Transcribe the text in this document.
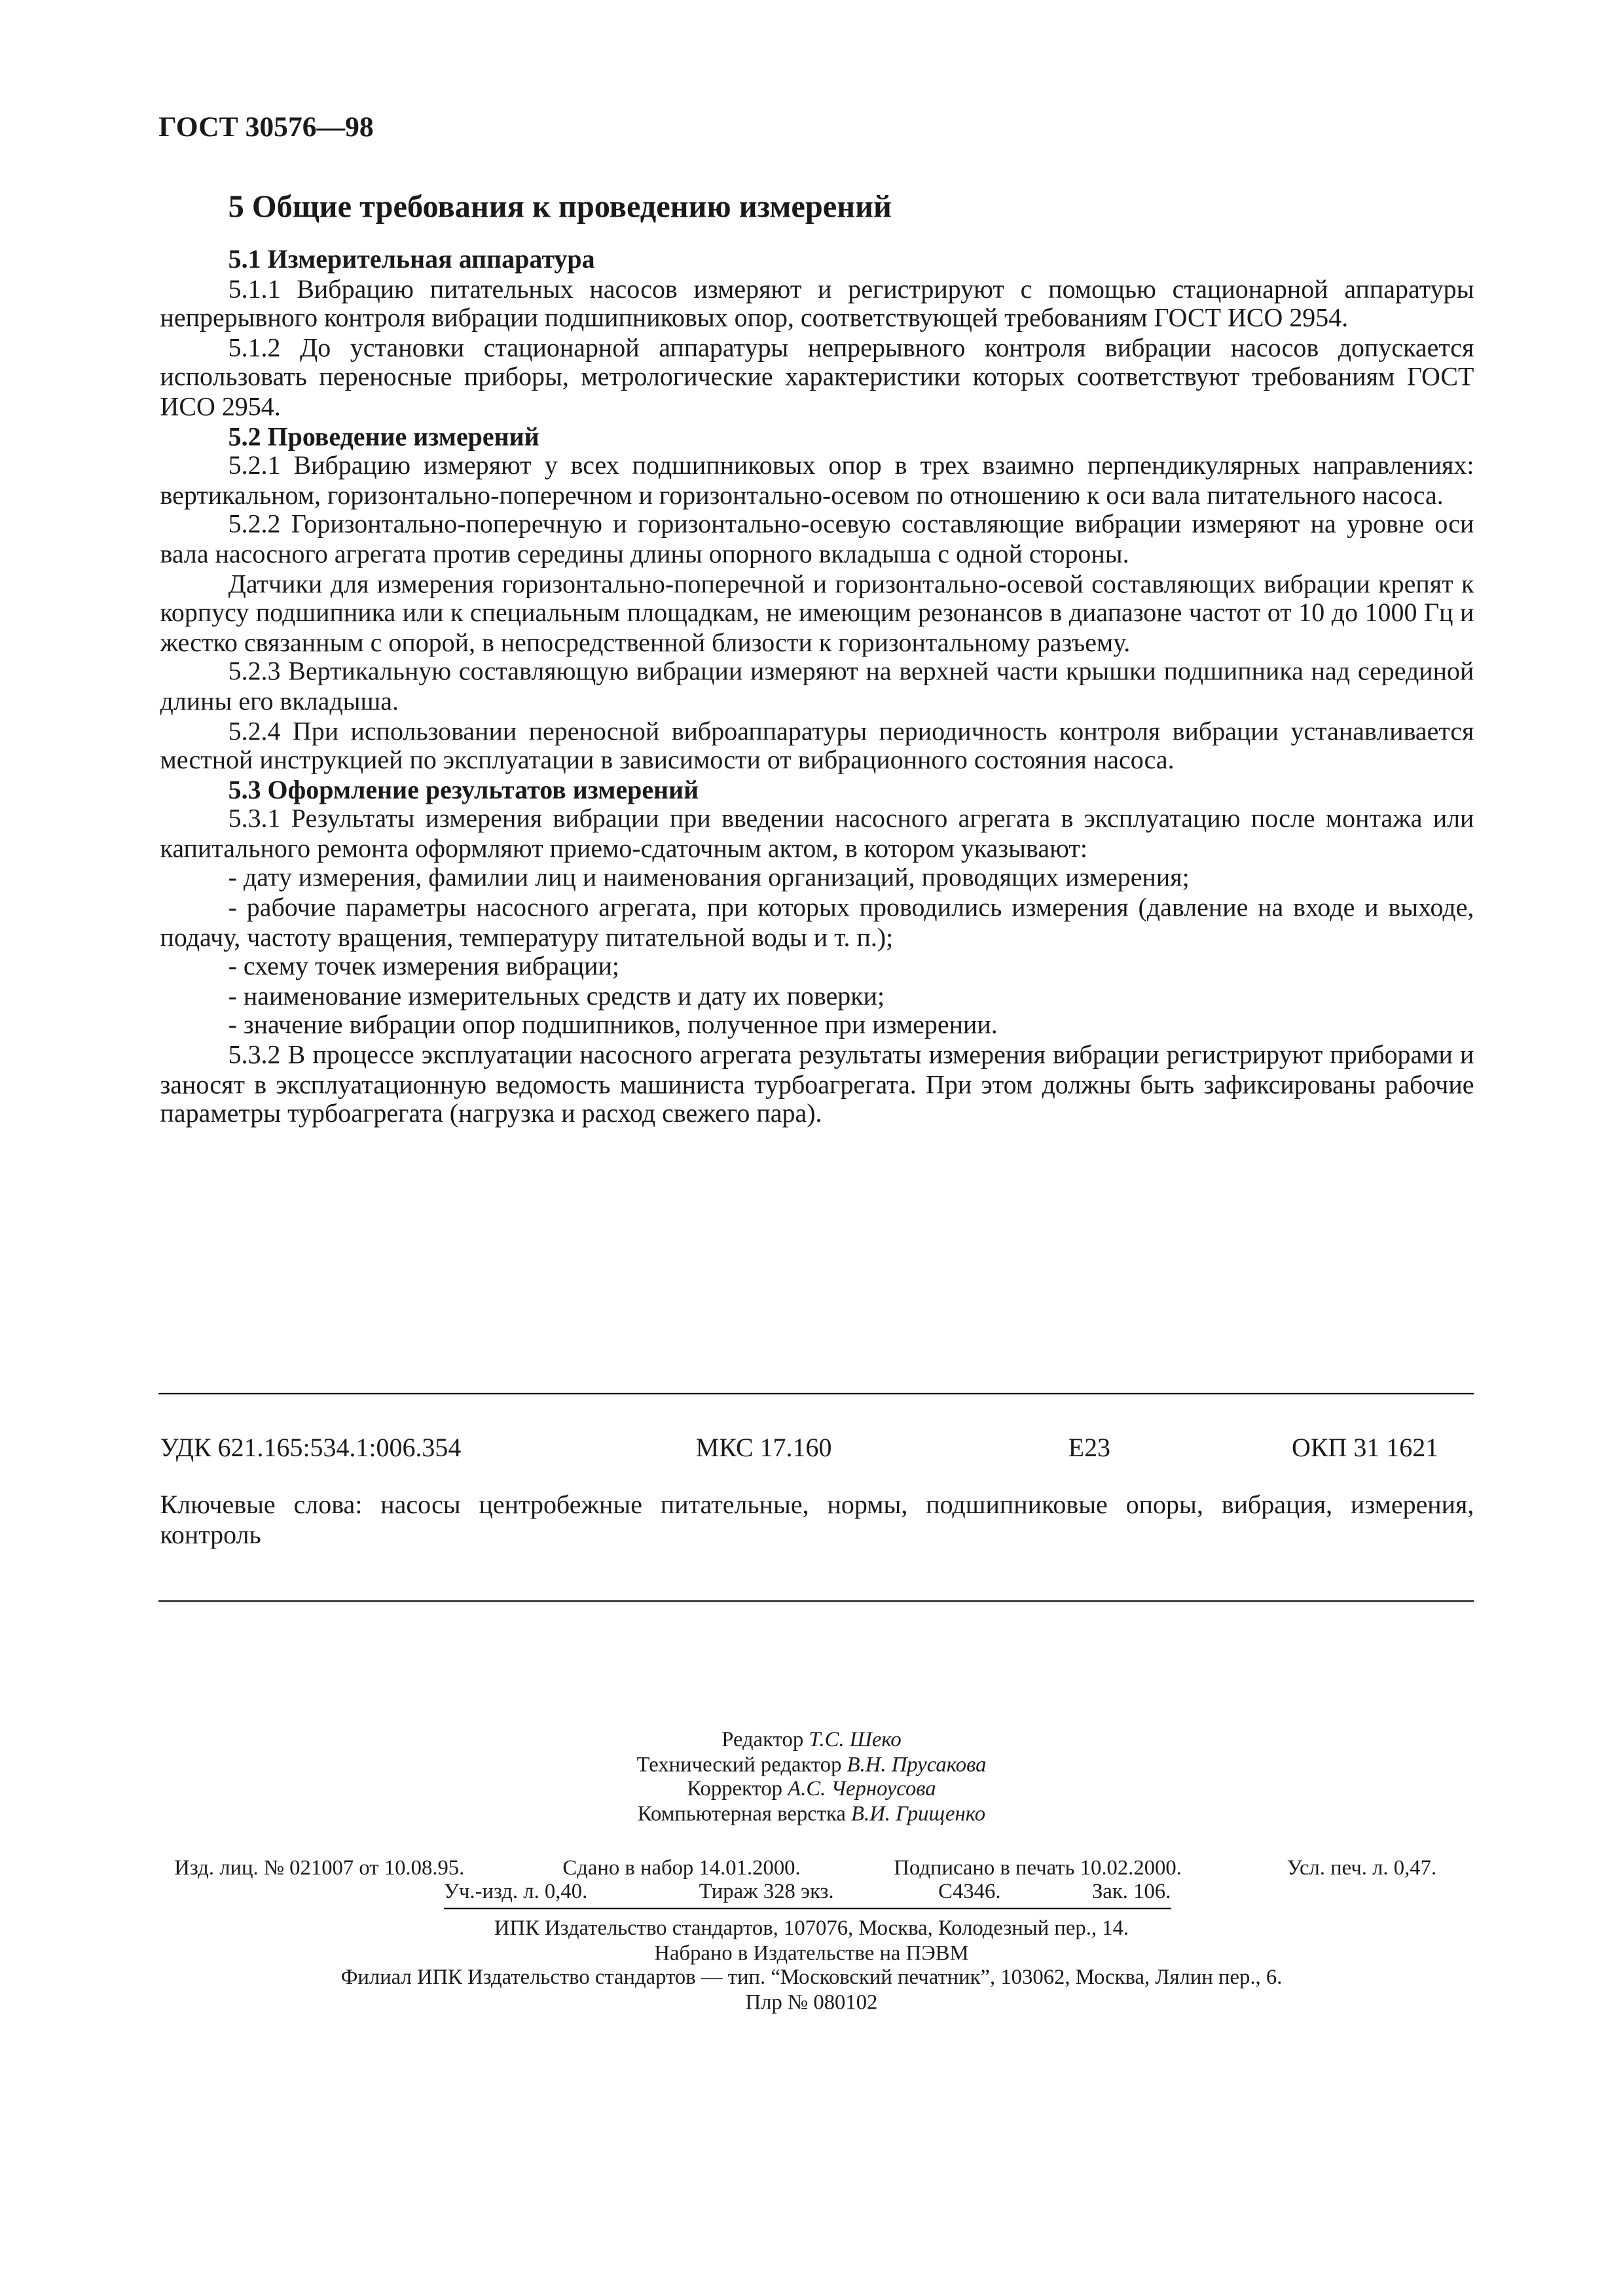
ГОСТ 30576—98
5 Общие требования к проведению измерений

5.1 Измерительная аппаратура

5.1.1 Вибрацию питательных насосов измеряют и регистрируют с помощью стационарной аппаратуры непрерывного контроля вибрации подшипниковых опор, соответствующей требованиям ГОСТ ИСО 2954.

5.1.2 До установки стационарной аппаратуры непрерывного контроля вибрации насосов допускается использовать переносные приборы, метрологические характеристики которых соответствуют требованиям ГОСТ ИСО 2954.

5.2 Проведение измерений

5.2.1 Вибрацию измеряют у всех подшипниковых опор в трех взаимно перпендикулярных направлениях: вертикальном, горизонтально-поперечном и горизонтально-осевом по отношению к оси вала питательного насоса.

5.2.2 Горизонтально-поперечную и горизонтально-осевую составляющие вибрации измеряют на уровне оси вала насосного агрегата против середины длины опорного вкладыша с одной стороны.

Датчики для измерения горизонтально-поперечной и горизонтально-осевой составляющих вибрации крепят к корпусу подшипника или к специальным площадкам, не имеющим резонансов в диапазоне частот от 10 до 1000 Гц и жестко связанным с опорой, в непосредственной близости к горизонтальному разъему.

5.2.3 Вертикальную составляющую вибрации измеряют на верхней части крышки подшипника над серединой длины его вкладыша.

5.2.4 При использовании переносной виброаппаратуры периодичность контроля вибрации устанавливается местной инструкцией по эксплуатации в зависимости от вибрационного состояния насоса.

5.3 Оформление результатов измерений

5.3.1 Результаты измерения вибрации при введении насосного агрегата в эксплуатацию после монтажа или капитального ремонта оформляют приемо-сдаточным актом, в котором указывают:

- дату измерения, фамилии лиц и наименования организаций, проводящих измерения;

- рабочие параметры насосного агрегата, при которых проводились измерения (давление на входе и выходе, подачу, частоту вращения, температуру питательной воды и т. п.);

- схему точек измерения вибрации;

- наименование измерительных средств и дату их поверки;

- значение вибрации опор подшипников, полученное при измерении.

5.3.2 В процессе эксплуатации насосного агрегата результаты измерения вибрации регистрируют приборами и заносят в эксплуатационную ведомость машиниста турбоагрегата. При этом должны быть зафиксированы рабочие параметры турбоагрегата (нагрузка и расход свежего пара).

УДК 621.165:534.1:006.354	МКС 17.160	Е23	ОКП 31 1621
Ключевые слова: насосы центробежные питательные, нормы, подшипниковые опоры, вибрация, измерения, контроль
Редактор Т.С. Шеко
Технический редактор В.Н. Прусакова
Корректор А.С. Черноусова
Компьютерная верстка В.И. Грищенко
Изд. лиц. № 021007 от 10.08.95.	Сдано в набор 14.01.2000.	Подписано в печать 10.02.2000.	Усл. печ. л. 0,47.
Уч.-изд. л. 0,40.	Тираж 328 экз.	С4346.	Зак. 106.
ИПК Издательство стандартов, 107076, Москва, Колодезный пер., 14.
Набрано в Издательстве на ПЭВМ
Филиал ИПК Издательство стандартов — тип. “Московский печатник”, 103062, Москва, Лялин пер., 6.
Плр № 080102
